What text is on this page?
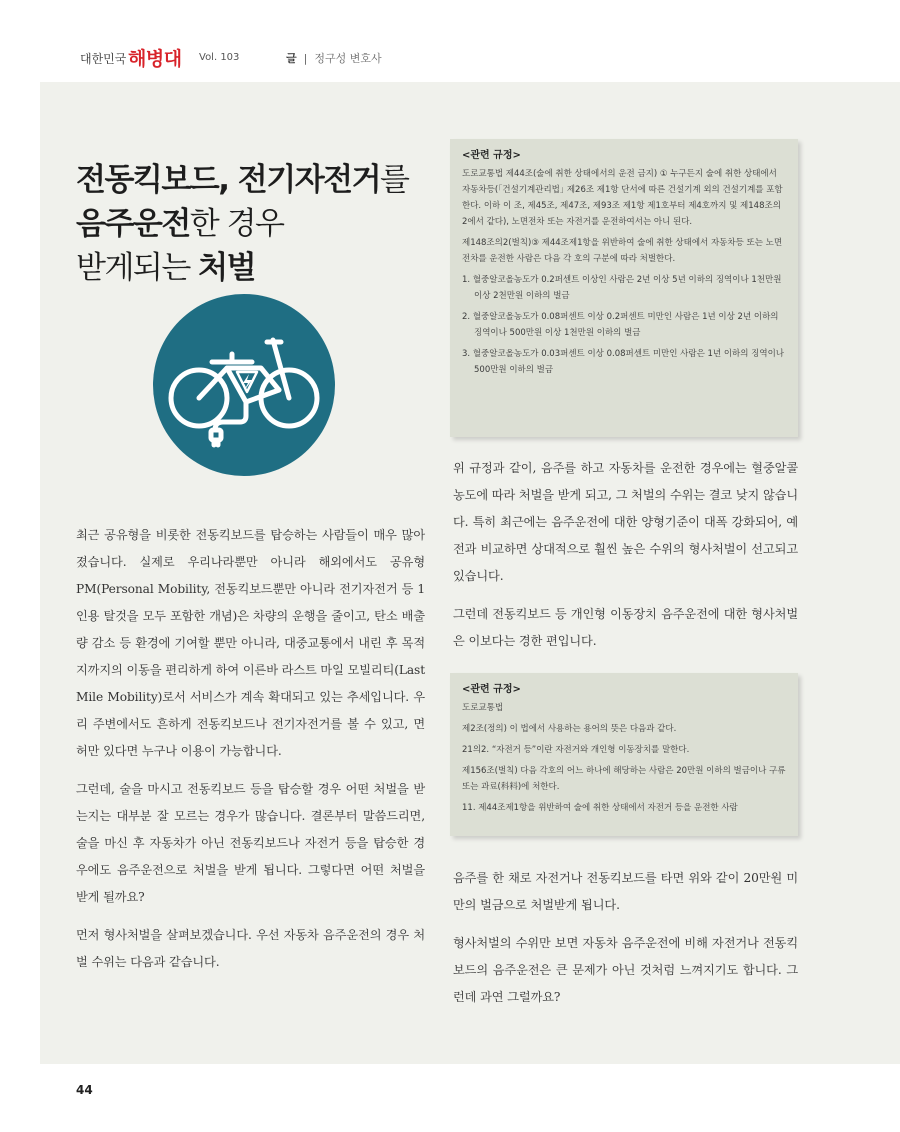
대한민국 해병대 Vol. 103	글  |  정구성 변호사
전동킥보드, 전기자전거를
음주운전한 경우
받게되는 처벌
<관련 규정>

도로교통법 제44조(술에 취한 상태에서의 운전 금지) ① 누구든지 술에 취한 상태에서 자동차등(｢건설기계관리법｣ 제26조 제1항 단서에 따른 건설기계 외의 건설기계를 포함한다. 이하 이 조, 제45조, 제47조, 제93조 제1항 제1호부터 제4호까지 및 제148조의2에서 같다), 노면전차 또는 자전거를 운전하여서는 아니 된다.

제148조의2(벌칙)③ 제44조제1항을 위반하여 술에 취한 상태에서 자동차등 또는 노면전차를 운전한 사람은 다음 각 호의 구분에 따라 처벌한다.

1. 혈중알코올농도가 0.2퍼센트 이상인 사람은 2년 이상 5년 이하의 징역이나 1천만원 이상 2천만원 이하의 벌금

2. 혈중알코올농도가 0.08퍼센트 이상 0.2퍼센트 미만인 사람은 1년 이상 2년 이하의 징역이나 500만원 이상 1천만원 이하의 벌금

3. 혈중알코올농도가 0.03퍼센트 이상 0.08퍼센트 미만인 사람은 1년 이하의 징역이나 500만원 이하의 벌금

최근 공유형을 비롯한 전동킥보드를 탑승하는 사람들이 매우 많아졌습니다. 실제로 우리나라뿐만 아니라 해외에서도 공유형 PM(Personal Mobility, 전동킥보드뿐만 아니라 전기자전거 등 1인용 탈것을 모두 포함한 개념)은 차량의 운행을 줄이고, 탄소 배출량 감소 등 환경에 기여할 뿐만 아니라, 대중교통에서 내린 후 목적지까지의 이동을 편리하게 하여 이른바 라스트 마일 모빌리티(Last Mile Mobility)로서 서비스가 계속 확대되고 있는 추세입니다. 우리 주변에서도 흔하게 전동킥보드나 전기자전거를 볼 수 있고, 면허만 있다면 누구나 이용이 가능합니다.

그런데, 술을 마시고 전동킥보드 등을 탑승할 경우 어떤 처벌을 받는지는 대부분 잘 모르는 경우가 많습니다. 결론부터 말씀드리면, 술을 마신 후 자동차가 아닌 전동킥보드나 자전거 등을 탑승한 경우에도 음주운전으로 처벌을 받게 됩니다. 그렇다면 어떤 처벌을 받게 될까요?

먼저 형사처벌을 살펴보겠습니다. 우선 자동차 음주운전의 경우 처벌 수위는 다음과 같습니다.

위 규정과 같이, 음주를 하고 자동차를 운전한 경우에는 혈중알콜농도에 따라 처벌을 받게 되고, 그 처벌의 수위는 결코 낮지 않습니다. 특히 최근에는 음주운전에 대한 양형기준이 대폭 강화되어, 예전과 비교하면 상대적으로 훨씬 높은 수위의 형사처벌이 선고되고 있습니다.

그런데 전동킥보드 등 개인형 이동장치 음주운전에 대한 형사처벌은 이보다는 경한 편입니다.

<관련 규정>

도로교통법

제2조(정의) 이 법에서 사용하는 용어의 뜻은 다음과 같다.

21의2. “자전거 등”이란 자전거와 개인형 이동장치를 말한다.

제156조(벌칙) 다음 각호의 어느 하나에 해당하는 사람은 20만원 이하의 벌금이나 구류 또는 과료(科料)에 처한다.

11. 제44조제1항을 위반하여 술에 취한 상태에서 자전거 등을 운전한 사람

음주를 한 채로 자전거나 전동킥보드를 타면 위와 같이 20만원 미만의 벌금으로 처벌받게 됩니다.

형사처벌의 수위만 보면 자동차 음주운전에 비해 자전거나 전동킥보드의 음주운전은 큰 문제가 아닌 것처럼 느껴지기도 합니다. 그런데 과연 그럴까요?

44
